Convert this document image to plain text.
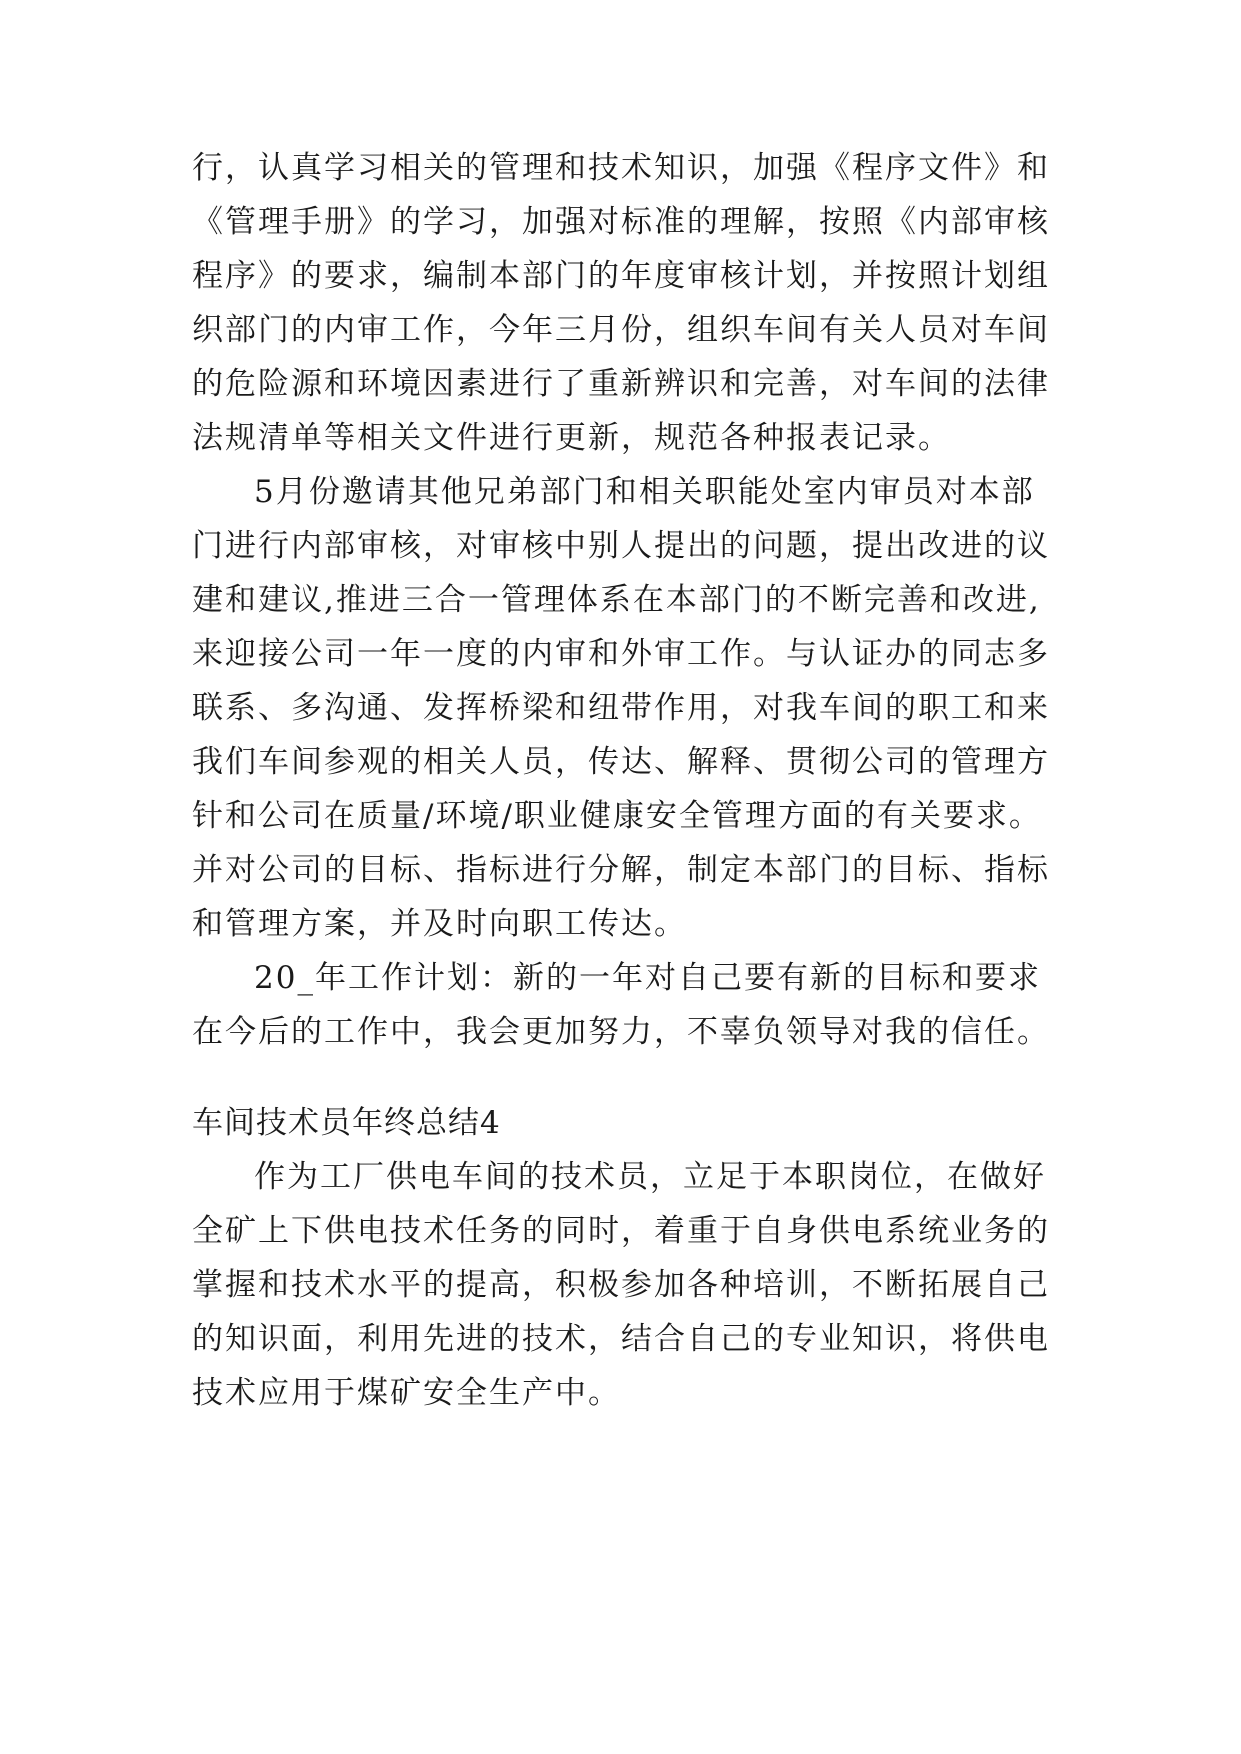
行，认真学习相关的管理和技术知识，加强《程序文件》和

《管理手册》的学习，加强对标准的理解，按照《内部审核

程序》的要求，编制本部门的年度审核计划，并按照计划组

织部门的内审工作，今年三月份，组织车间有关人员对车间

的危险源和环境因素进行了重新辨识和完善，对车间的法律

法规清单等相关文件进行更新，规范各种报表记录。

5月份邀请其他兄弟部门和相关职能处室内审员对本部

门进行内部审核，对审核中别人提出的问题，提出改进的议

建和建议,推进三合一管理体系在本部门的不断完善和改进,

来迎接公司一年一度的内审和外审工作。与认证办的同志多

联系、多沟通、发挥桥梁和纽带作用，对我车间的职工和来

我们车间参观的相关人员，传达、解释、贯彻公司的管理方

针和公司在质量/环境/职业健康安全管理方面的有关要求。

并对公司的目标、指标进行分解，制定本部门的目标、指标

和管理方案，并及时向职工传达。

20_年工作计划：新的一年对自己要有新的目标和要求

在今后的工作中，我会更加努力，不辜负领导对我的信任。

车间技术员年终总结4

作为工厂供电车间的技术员，立足于本职岗位，在做好

全矿上下供电技术任务的同时，着重于自身供电系统业务的

掌握和技术水平的提高，积极参加各种培训，不断拓展自己

的知识面，利用先进的技术，结合自己的专业知识，将供电

技术应用于煤矿安全生产中。
